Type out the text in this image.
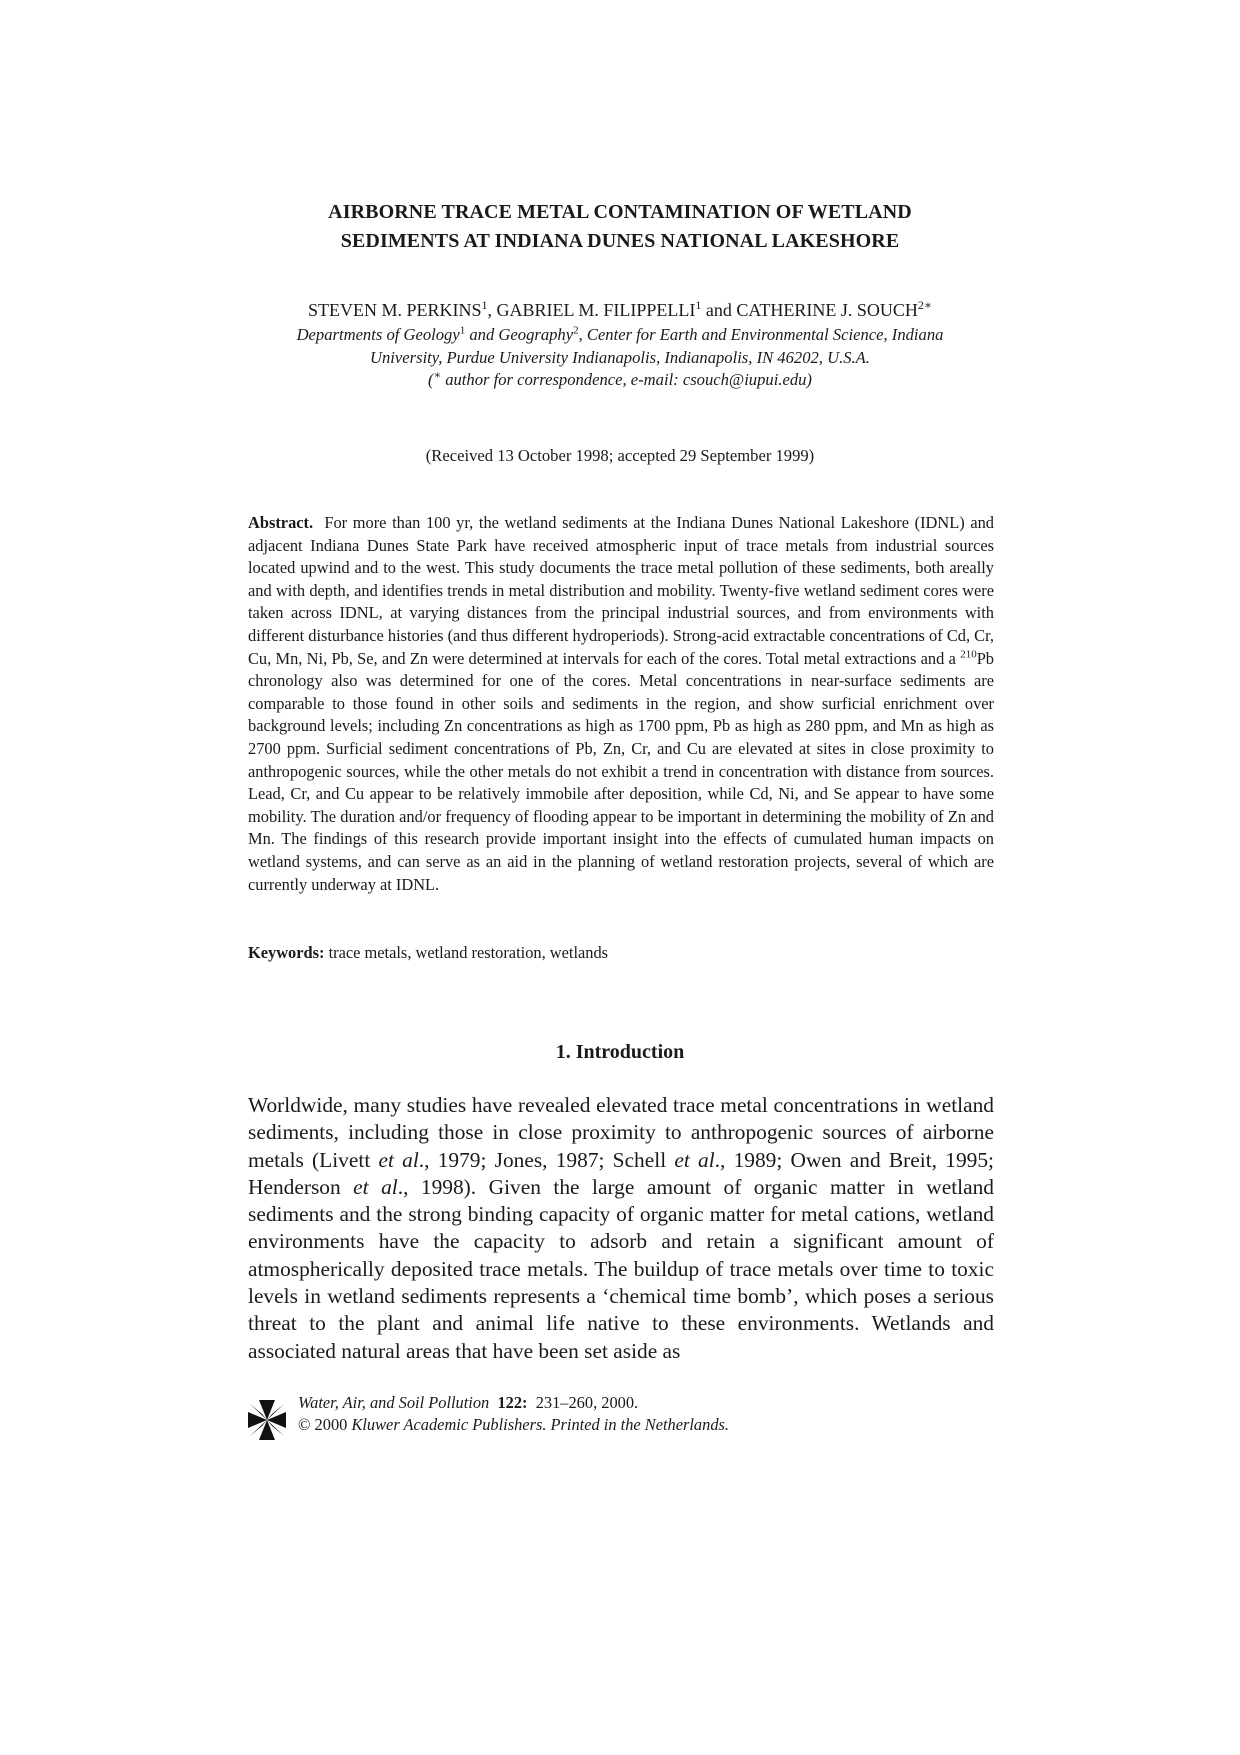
AIRBORNE TRACE METAL CONTAMINATION OF WETLAND
SEDIMENTS AT INDIANA DUNES NATIONAL LAKESHORE
STEVEN M. PERKINS$^1$, GABRIEL M. FILIPPELLI$^1$ and CATHERINE J. $SOUCH^{2∗}$
Departments of Geology$^1$ and Geography$^2$, Center for Earth and Environmental Science, Indiana
University, Purdue University Indianapolis, Indianapolis, IN 46202, U.S.A.
(∗ author for correspondence, e-mail: csouch@iupui.edu)
(Received 13 October 1998; accepted 29 September 1999)
Abstract. For more than 100 yr, the wetland sediments at the Indiana Dunes National Lakeshore (IDNL) and adjacent Indiana Dunes State Park have received atmospheric input of trace metals from industrial sources located upwind and to the west. This study documents the trace metal pollution of these sediments, both areally and with depth, and identifies trends in metal distribution and mobility. Twenty-five wetland sediment cores were taken across IDNL, at varying distances from the principal industrial sources, and from environments with different disturbance histories (and thus different hydroperiods). Strong-acid extractable concentrations of Cd, Cr, Cu, Mn, Ni, Pb, Se, and Zn were determined at intervals for each of the cores. Total metal extractions and a $^{210}$Pb chronology also was determined for one of the cores. Metal concentrations in near-surface sediments are comparable to those found in other soils and sediments in the region, and show surficial enrichment over background levels; including Zn concentrations as high as 1700 ppm, Pb as high as 280 ppm, and Mn as high as 2700 ppm. Surficial sediment concentrations of Pb, Zn, Cr, and Cu are elevated at sites in close proximity to anthropogenic sources, while the other metals do not exhibit a trend in concentration with distance from sources. Lead, Cr, and Cu appear to be relatively immobile after deposition, while Cd, Ni, and Se appear to have some mobility. The duration and/or frequency of flooding appear to be important in determining the mobility of Zn and Mn. The findings of this research provide important insight into the effects of cumulated human impacts on wetland systems, and can serve as an aid in the planning of wetland restoration projects, several of which are currently underway at IDNL.
Keywords: trace metals, wetland restoration, wetlands
1. Introduction
Worldwide, many studies have revealed elevated trace metal concentrations in wetland sediments, including those in close proximity to anthropogenic sources of airborne metals (Livett et al., 1979; Jones, 1987; Schell et al., 1989; Owen and Breit, 1995; Henderson et al., 1998). Given the large amount of organic matter in wetland sediments and the strong binding capacity of organic matter for metal cations, wetland environments have the capacity to adsorb and retain a significant amount of atmospherically deposited trace metals. The buildup of trace metals over time to toxic levels in wetland sediments represents a ‘chemical time bomb’, which poses a serious threat to the plant and animal life native to these environments. Wetlands and associated natural areas that have been set aside as
Water, Air, and Soil Pollution 122: 231–260, 2000.
© 2000 Kluwer Academic Publishers. Printed in the Netherlands.
